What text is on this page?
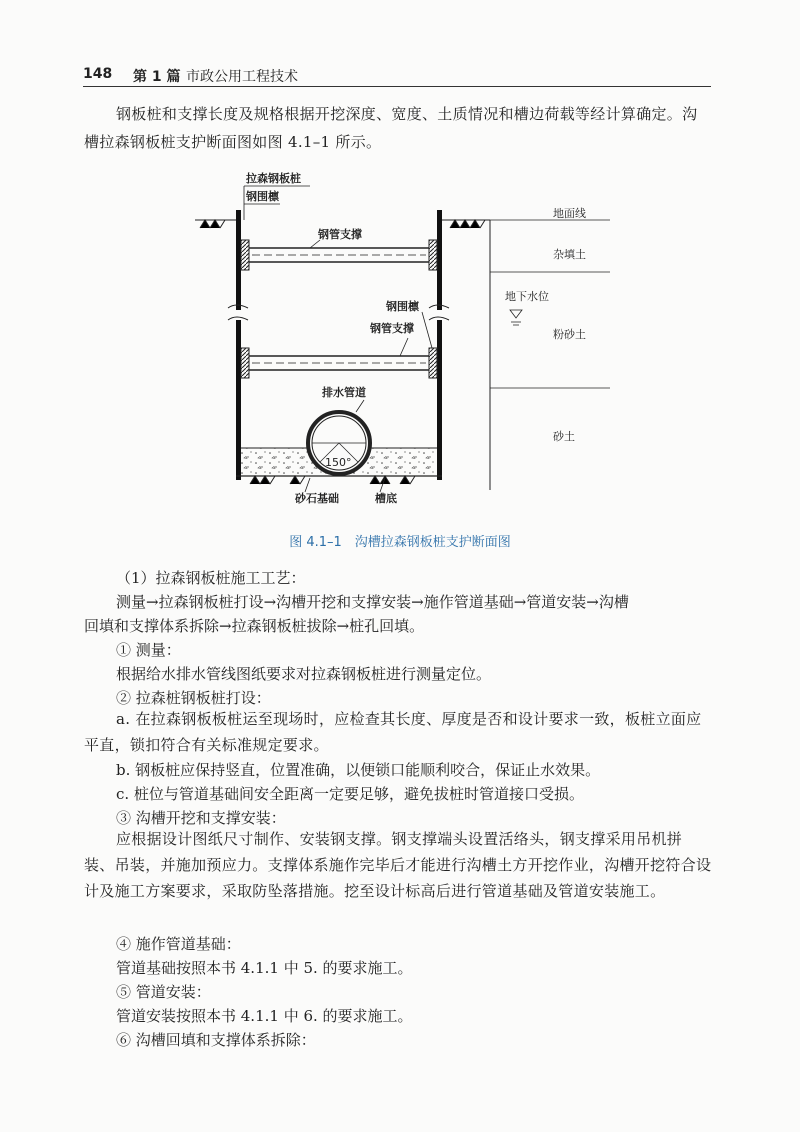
148 第 1 篇 市政公用工程技术

钢板桩和支撑长度及规格根据开挖深度、宽度、土质情况和槽边荷载等经计算确定。沟槽拉森钢板桩支护断面图如图 4.1–1 所示。

150°
拉森钢板桩
钢围檩
钢管支撑
钢围檩
钢管支撑
排水管道
砂石基础	槽底
地面线
杂填土
地下水位
粉砂土
砂土
图 4.1–1　沟槽拉森钢板桩支护断面图

（1）拉森钢板桩施工工艺：

测量→拉森钢板桩打设→沟槽开挖和支撑安装→施作管道基础→管道安装→沟槽

回填和支撑体系拆除→拉森钢板桩拔除→桩孔回填。

① 测量：

根据给水排水管线图纸要求对拉森钢板桩进行测量定位。

② 拉森桩钢板桩打设：

a. 在拉森钢板板桩运至现场时，应检查其长度、厚度是否和设计要求一致，板桩立面应平直，锁扣符合有关标准规定要求。

b. 钢板桩应保持竖直，位置准确，以便锁口能顺利咬合，保证止水效果。

c. 桩位与管道基础间安全距离一定要足够，避免拔桩时管道接口受损。

③ 沟槽开挖和支撑安装：

应根据设计图纸尺寸制作、安装钢支撑。钢支撑端头设置活络头，钢支撑采用吊机拼装、吊装，并施加预应力。支撑体系施作完毕后才能进行沟槽土方开挖作业，沟槽开挖符合设计及施工方案要求，采取防坠落措施。挖至设计标高后进行管道基础及管道安装施工。

④ 施作管道基础：

管道基础按照本书 4.1.1 中 5. 的要求施工。

⑤ 管道安装：

管道安装按照本书 4.1.1 中 6. 的要求施工。

⑥ 沟槽回填和支撑体系拆除：
